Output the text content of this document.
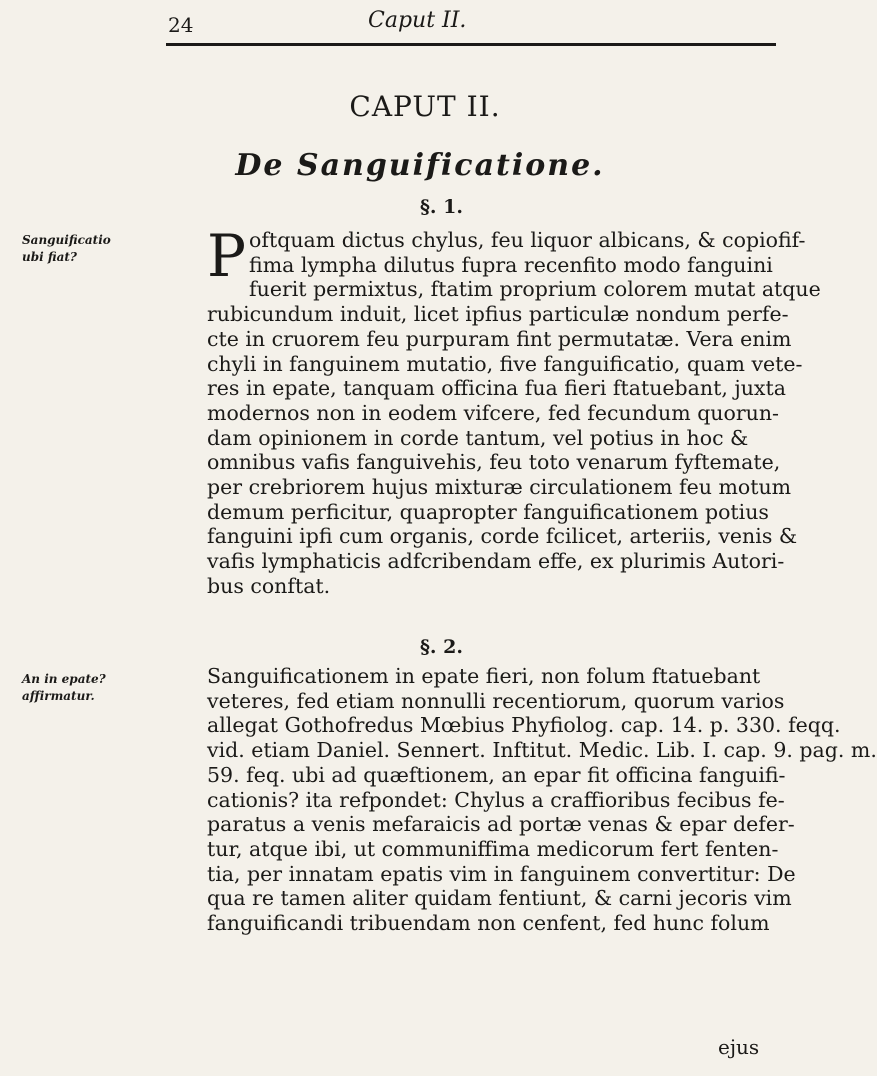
24	Caput II.
CAPUT II.
De Sanguificatione.
§. 1.
Sanguificatio
ubi fiat?	P oftquam dictus chylus, feu liquor albicans, & copiofif-
fima lympha dilutus fupra recenfito modo fanguini
fuerit permixtus, ftatim proprium colorem mutat atque
rubicundum induit, licet ipfius particulæ nondum perfe-
cte in cruorem feu purpuram fint permutatæ. Vera enim
chyli in fanguinem mutatio, five fanguificatio, quam vete-
res in epate, tanquam officina fua fieri ftatuebant, juxta
modernos non in eodem vifcere, fed fecundum quorun-
dam opinionem in corde tantum, vel potius in hoc &
omnibus vafis fanguivehis, feu toto venarum fyftemate,
per crebriorem hujus mixturæ circulationem feu motum
demum perficitur, quapropter fanguificationem potius
fanguini ipfi cum organis, corde fcilicet, arteriis, venis &
vafis lymphaticis adfcribendam effe, ex plurimis Autori-
bus conftat.
§. 2.
An in epate?
affirmatur.
Sanguificationem in epate fieri, non folum ftatuebant
veteres, fed etiam nonnulli recentiorum, quorum varios
allegat Gothofredus Mœbius Phyfiolog. cap. 14. p. 330. feqq.
vid. etiam Daniel. Sennert. Inftitut. Medic. Lib. I. cap. 9. pag. m.
59. feq. ubi ad quæftionem, an epar fit officina fanguifi-
cationis? ita refpondet: Chylus a craffioribus fecibus fe-
paratus a venis mefaraicis ad portæ venas & epar defer-
tur, atque ibi, ut communiffima medicorum fert fenten-
tia, per innatam epatis vim in fanguinem convertitur: De
qua re tamen aliter quidam fentiunt, & carni jecoris vim
fanguificandi tribuendam non cenfent, fed hunc folum
ejus
